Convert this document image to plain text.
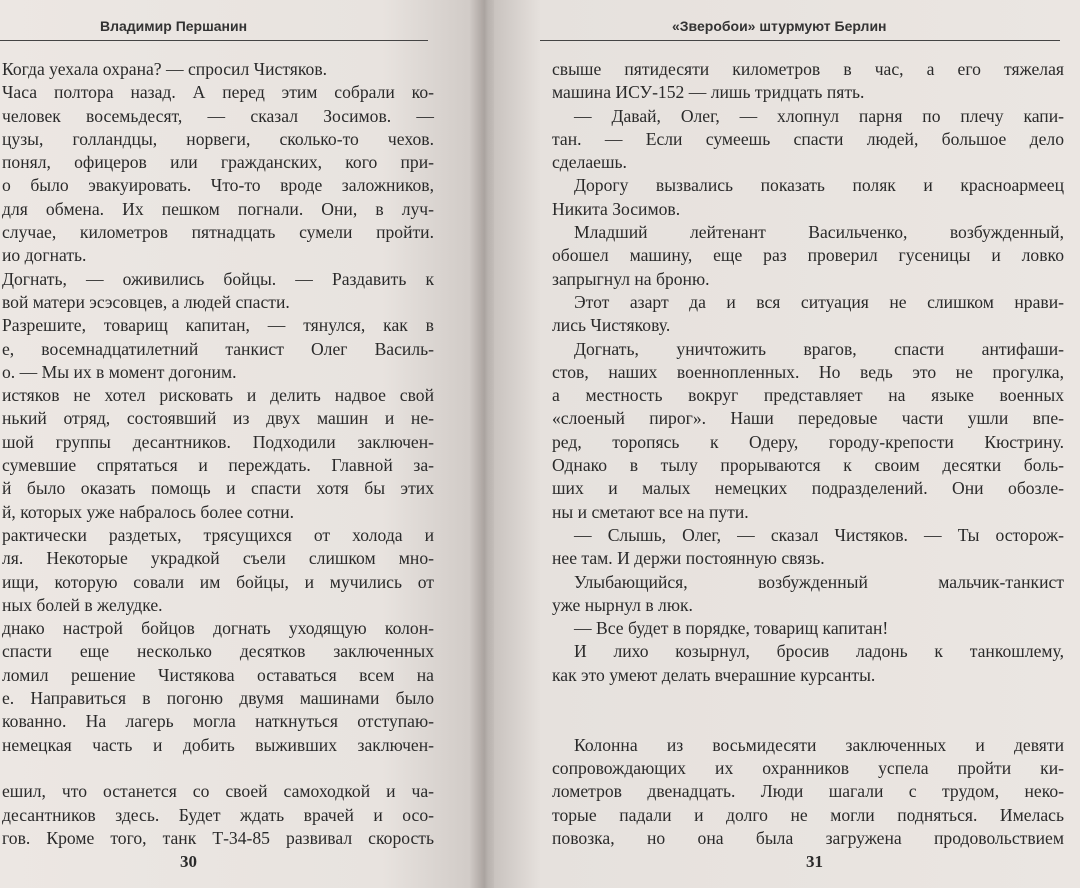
Владимир Першанин
Когда уехала охрана? — спросил Чистяков.
Часа полтора назад. А перед этим собрали ко-
человек восемьдесят, — сказал Зосимов. —
цузы, голландцы, норвеги, сколько-то чехов.
понял, офицеров или гражданских, кого при-
о было эвакуировать. Что-то вроде заложников,
для обмена. Их пешком погнали. Они, в луч-
случае, километров пятнадцать сумели пройти.
ио догнать.
Догнать, — оживились бойцы. — Раздавить к
вой матери эсэсовцев, а людей спасти.
Разрешите, товарищ капитан, — тянулся, как в
е, восемнадцатилетний танкист Олег Василь-
о. — Мы их в момент догоним.
истяков не хотел рисковать и делить надвое свой
нький отряд, состоявший из двух машин и не-
шой группы десантников. Подходили заключен-
сумевшие спрятаться и переждать. Главной за-
й было оказать помощь и спасти хотя бы этих
й, которых уже набралось более сотни.
рактически раздетых, трясущихся от холода и
ля. Некоторые украдкой съели слишком мно-
ищи, которую совали им бойцы, и мучились от
ных болей в желудке.
днако настрой бойцов догнать уходящую колон-
спасти еще несколько десятков заключенных
ломил решение Чистякова оставаться всем на
е. Направиться в погоню двумя машинами было
кованно. На лагерь могла наткнуться отступаю-
немецкая часть и добить выживших заключен-
ешил, что останется со своей самоходкой и ча-
десантников здесь. Будет ждать врачей и осо-
гов. Кроме того, танк Т-34-85 развивал скорость
30
«Зверобои» штурмуют Берлин
свыше пятидесяти километров в час, а его тяжелая
машина ИСУ-152 — лишь тридцать пять.
— Давай, Олег, — хлопнул парня по плечу капи-
тан. — Если сумеешь спасти людей, большое дело
сделаешь.
Дорогу вызвались показать поляк и красноармеец
Никита Зосимов.
Младший лейтенант Васильченко, возбужденный,
обошел машину, еще раз проверил гусеницы и ловко
запрыгнул на броню.
Этот азарт да и вся ситуация не слишком нрави-
лись Чистякову.
Догнать, уничтожить врагов, спасти антифаши-
стов, наших военнопленных. Но ведь это не прогулка,
а местность вокруг представляет на языке военных
«слоеный пирог». Наши передовые части ушли впе-
ред, торопясь к Одеру, городу-крепости Кюстрину.
Однако в тылу прорываются к своим десятки боль-
ших и малых немецких подразделений. Они обозле-
ны и сметают все на пути.
— Слышь, Олег, — сказал Чистяков. — Ты осторож-
нее там. И держи постоянную связь.
Улыбающийся, возбужденный мальчик-танкист
уже нырнул в люк.
— Все будет в порядке, товарищ капитан!
И лихо козырнул, бросив ладонь к танкошлему,
как это умеют делать вчерашние курсанты.
Колонна из восьмидесяти заключенных и девяти
сопровождающих их охранников успела пройти ки-
лометров двенадцать. Люди шагали с трудом, неко-
торые падали и долго не могли подняться. Имелась
повозка, но она была загружена продовольствием
31
